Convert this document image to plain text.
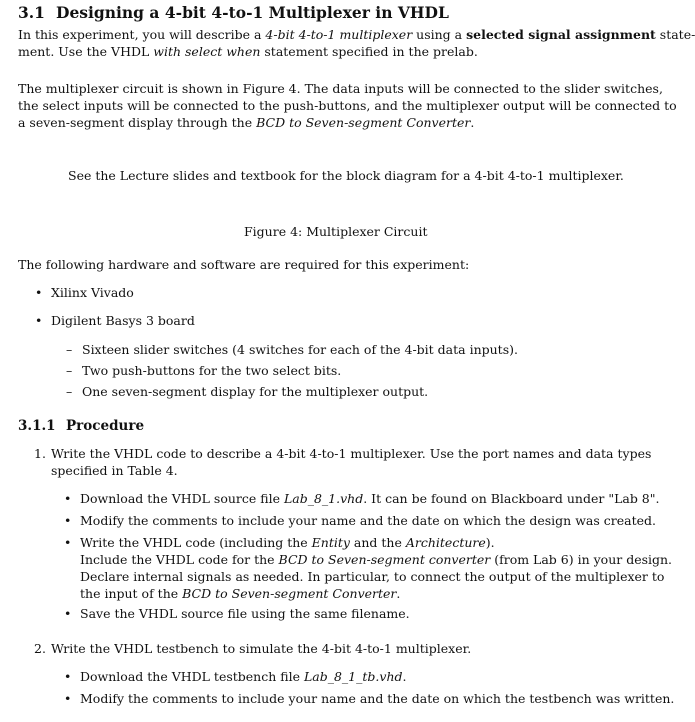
3.1 Designing a 4-bit 4-to-1 Multiplexer in VHDL
In this experiment, you will describe a 4-bit 4-to-1 multiplexer using a selected signal assignment state-
ment. Use the VHDL with select when statement specified in the prelab.
The multiplexer circuit is shown in Figure 4. The data inputs will be connected to the slider switches,
the select inputs will be connected to the push-buttons, and the multiplexer output will be connected to
a seven-segment display through the BCD to Seven-segment Converter.
See the Lecture slides and textbook for the block diagram for a 4-bit 4-to-1 multiplexer.
Figure 4: Multiplexer Circuit
The following hardware and software are required for this experiment:
• Xilinx Vivado
• Digilent Basys 3 board
– Sixteen slider switches (4 switches for each of the 4-bit data inputs).
– Two push-buttons for the two select bits.
– One seven-segment display for the multiplexer output.
3.1.1 Procedure
1. Write the VHDL code to describe a 4-bit 4-to-1 multiplexer. Use the port names and data types
specified in Table 4.
• Download the VHDL source file Lab_8_1.vhd. It can be found on Blackboard under "Lab 8".
• Modify the comments to include your name and the date on which the design was created.
• Write the VHDL code (including the Entity and the Architecture).
Include the VHDL code for the BCD to Seven-segment converter (from Lab 6) in your design.
Declare internal signals as needed. In particular, to connect the output of the multiplexer to
the input of the BCD to Seven-segment Converter.
• Save the VHDL source file using the same filename.
2. Write the VHDL testbench to simulate the 4-bit 4-to-1 multiplexer.
• Download the VHDL testbench file Lab_8_1_tb.vhd.
• Modify the comments to include your name and the date on which the testbench was written.
